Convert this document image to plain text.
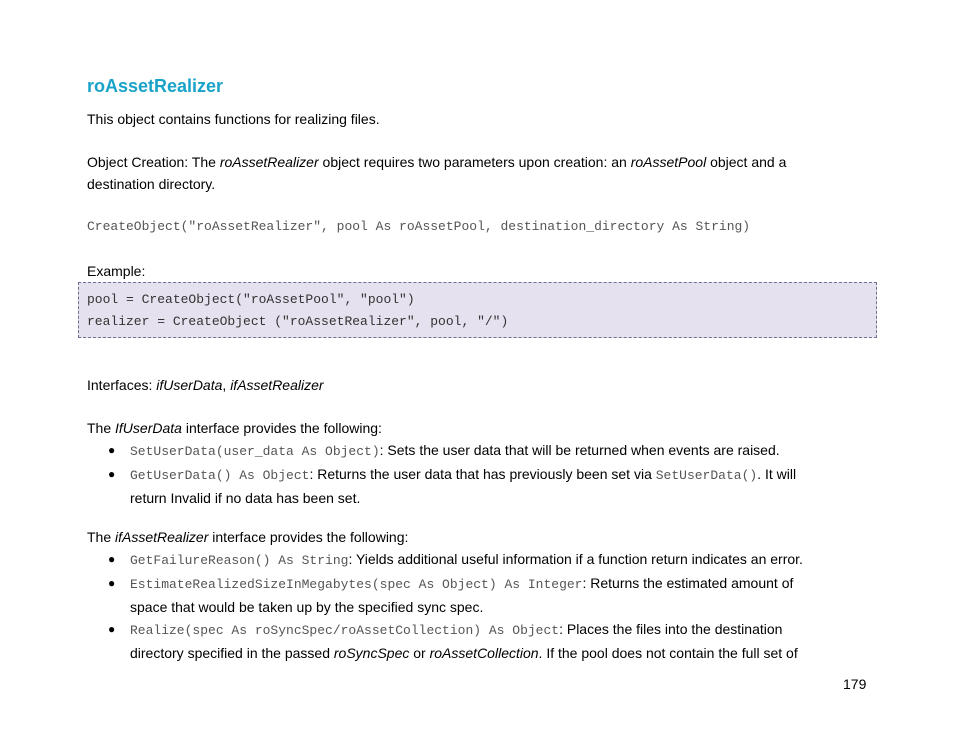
roAssetRealizer

This object contains functions for realizing files.

Object Creation: The roAssetRealizer object requires two parameters upon creation: an roAssetPool object and a
destination directory.

CreateObject("roAssetRealizer", pool As roAssetPool, destination_directory As String)

Example:

pool = CreateObject("roAssetPool", "pool")
realizer = CreateObject ("roAssetRealizer", pool, "/")

Interfaces: ifUserData, ifAssetRealizer

The IfUserData interface provides the following:

● SetUserData(user_data As Object): Sets the user data that will be returned when events are raised.
● GetUserData() As Object: Returns the user data that has previously been set via SetUserData(). It will
return Invalid if no data has been set.

The ifAssetRealizer interface provides the following:

● GetFailureReason() As String: Yields additional useful information if a function return indicates an error.
● EstimateRealizedSizeInMegabytes(spec As Object) As Integer: Returns the estimated amount of
space that would be taken up by the specified sync spec.
● Realize(spec As roSyncSpec/roAssetCollection) As Object: Places the files into the destination
directory specified in the passed roSyncSpec or roAssetCollection. If the pool does not contain the full set of
179
